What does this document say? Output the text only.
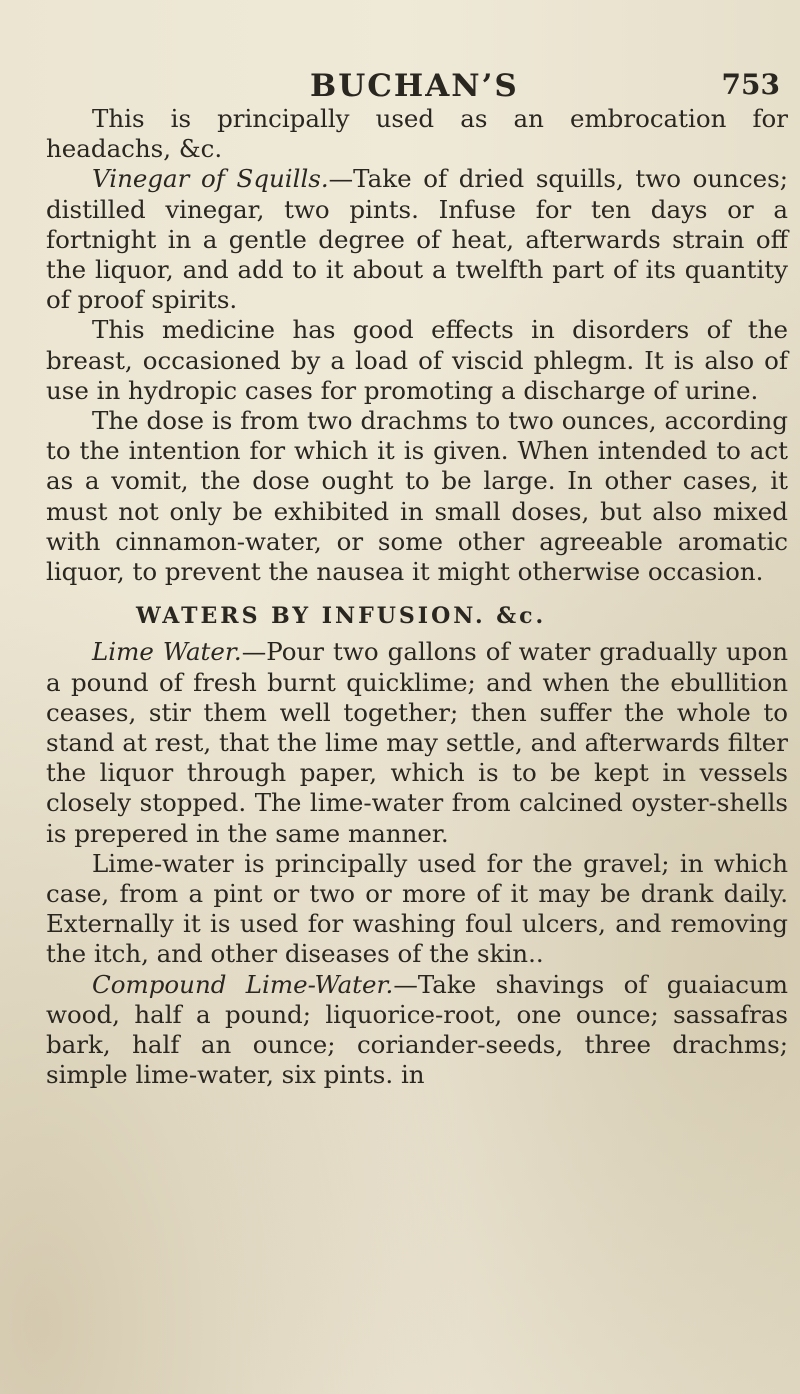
BUCHAN’S	753

This is principally used as an embrocation for headachs, &c.

Vinegar of Squills.—Take of dried squills, two ounces; distilled vinegar, two pints. Infuse for ten days or a fortnight in a gentle degree of heat, afterwards strain off the liquor, and add to it about a twelfth part of its quantity of proof spirits.

This medicine has good effects in disorders of the breast, occasioned by a load of viscid phlegm. It is also of use in hydropic cases for promoting a discharge of urine.

The dose is from two drachms to two ounces, according to the intention for which it is given. When intended to act as a vomit, the dose ought to be large. In other cases, it must not only be exhibited in small doses, but also mixed with cinnamon-water, or some other agreeable aromatic liquor, to prevent the nausea it might otherwise occasion.

WATERS BY INFUSION. &c.

Lime Water.—Pour two gallons of water gradually upon a pound of fresh burnt quicklime; and when the ebullition ceases, stir them well together; then suffer the whole to stand at rest, that the lime may settle, and afterwards filter the liquor through paper, which is to be kept in vessels closely stopped. The lime-water from calcined oyster-shells is prepered in the same manner.

Lime-water is principally used for the gravel; in which case, from a pint or two or more of it may be drank daily. Externally it is used for washing foul ulcers, and removing the itch, and other diseases of the skin..

Compound Lime-Water.—Take shavings of guaiacum wood, half a pound; liquorice-root, one ounce; sassafras bark, half an ounce; coriander-seeds, three drachms; simple lime-water, six pints. in
